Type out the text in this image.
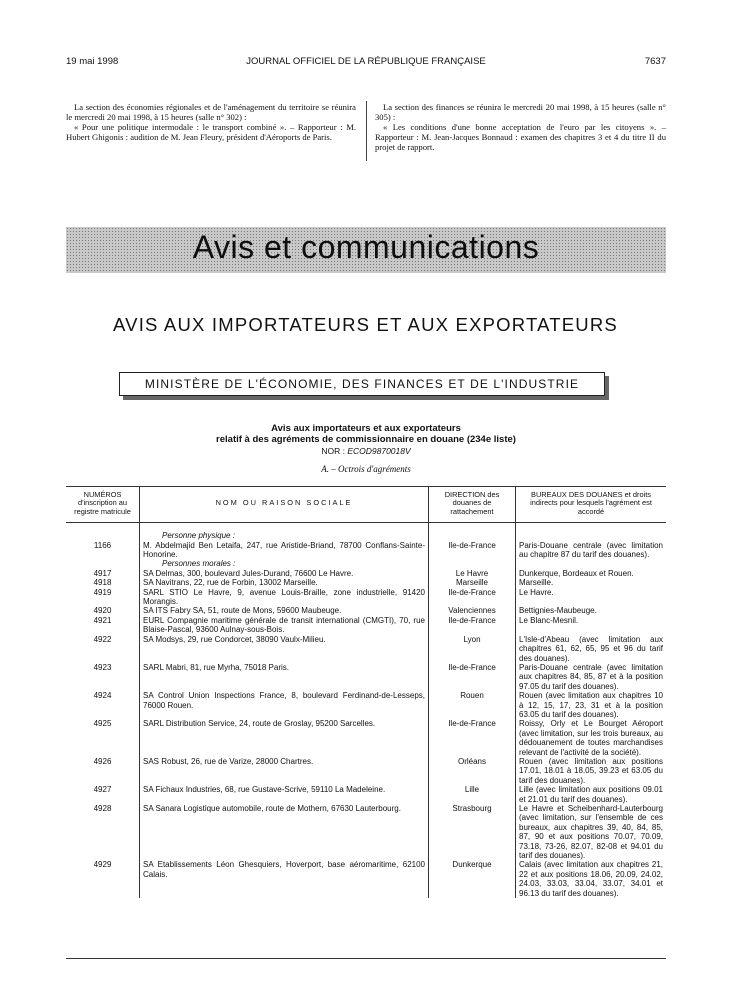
19 mai 1998	JOURNAL OFFICIEL DE LA RÉPUBLIQUE FRANÇAISE	7637

La section des économies régionales et de l'aménagement du territoire se réunira le mercredi 20 mai 1998, à 15 heures (salle n° 302) :

« Pour une politique intermodale : le transport combiné ». – Rapporteur : M. Hubert Ghigonis : audition de M. Jean Fleury, président d'Aéroports de Paris.

La section des finances se réunira le mercredi 20 mai 1998, à 15 heures (salle n° 305) :

« Les conditions d'une bonne acceptation de l'euro par les citoyens ». – Rapporteur : M. Jean-Jacques Bonnaud : examen des chapitres 3 et 4 du titre II du projet de rapport.

Avis et communications
AVIS AUX IMPORTATEURS ET AUX EXPORTATEURS
MINISTÈRE DE L'ÉCONOMIE, DES FINANCES ET DE L'INDUSTRIE
Avis aux importateurs et aux exportateurs
relatif à des agréments de commissionnaire en douane (234e liste)
NOR : ECOD9870018V
A. – Octrois d'agréments
NUMÉROS d'inscription au registre matricule	NOM OU RAISON SOCIALE	DIRECTION des douanes de rattachement	BUREAUX DES DOUANES et droits indirects pour lesquels l'agrément est accordé
	Personne physique :		
1166	M. Abdelmajid Ben Letaifa, 247, rue Aristide-Briand, 78700 Conflans-Sainte-Honorine.	Ile-de-France	Paris-Douane centrale (avec limitation au chapitre 87 du tarif des douanes).
	Personnes morales :		
4917	SA Delmas, 300, boulevard Jules-Durand, 76600 Le Havre.	Le Havre	Dunkerque, Bordeaux et Rouen.
4918	SA Navitrans, 22, rue de Forbin, 13002 Marseille.	Marseille	Marseille.
4919	SARL STIO Le Havre, 9, avenue Louis-Braille, zone industrielle, 91420 Morangis.	Ile-de-France	Le Havre.
4920	SA ITS Fabry SA, 51, route de Mons, 59600 Maubeuge.	Valenciennes	Bettignies-Maubeuge.
4921	EURL Compagnie maritime générale de transit international (CMGTI), 70, rue Blaise-Pascal, 93600 Aulnay-sous-Bois.	Ile-de-France	Le Blanc-Mesnil.
4922	SA Modsys, 29, rue Condorcet, 38090 Vaulx-Milieu.	Lyon	L'Isle-d'Abeau (avec limitation aux chapitres 61, 62, 65, 95 et 96 du tarif des douanes).
4923	SARL Mabri, 81, rue Myrha, 75018 Paris.	Ile-de-France	Paris-Douane centrale (avec limitation aux chapitres 84, 85, 87 et à la position 97.05 du tarif des douanes).
4924	SA Control Union Inspections France, 8, boulevard Ferdinand-de-Lesseps, 76000 Rouen.	Rouen	Rouen (avec limitation aux chapitres 10 à 12, 15, 17, 23, 31 et à la position 63.05 du tarif des douanes).
4925	SARL Distribution Service, 24, route de Groslay, 95200 Sarcelles.	Ile-de-France	Roissy, Orly et Le Bourget Aéroport (avec limitation, sur les trois bureaux, au dédouanement de toutes marchandises relevant de l'activité de la société).
4926	SAS Robust, 26, rue de Varize, 28000 Chartres.	Orléans	Rouen (avec limitation aux positions 17.01, 18.01 à 18.05, 39.23 et 63.05 du tarif des douanes).
4927	SA Fichaux Industries, 68, rue Gustave-Scrive, 59110 La Madeleine.	Lille	Lille (avec limitation aux positions 09.01 et 21.01 du tarif des douanes).
4928	SA Sanara Logistique automobile, route de Mothern, 67630 Lauterbourg.	Strasbourg	Le Havre et Scheibenhard-Lauterbourg (avec limitation, sur l'ensemble de ces bureaux, aux chapitres 39, 40, 84, 85, 87, 90 et aux positions 70.07, 70.09, 73.18, 73-26, 82.07, 82-08 et 94.01 du tarif des douanes).
4929	SA Etablissements Léon Ghesquiers, Hoverport, base aéromaritime, 62100 Calais.	Dunkerque	Calais (avec limitation aux chapitres 21, 22 et aux positions 18.06, 20.09, 24.02, 24.03, 33.03, 33.04, 33.07, 34.01 et 96.13 du tarif des douanes).
